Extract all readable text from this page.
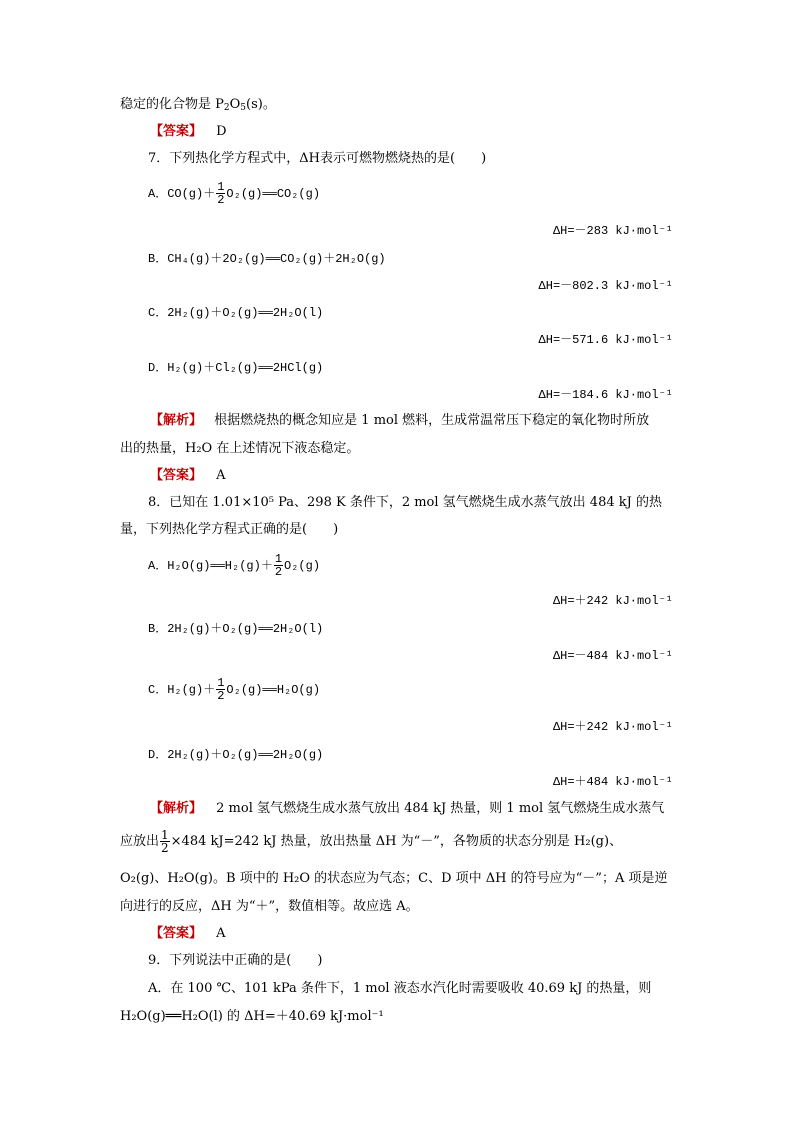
稳定的化合物是 $P_2O_5(s)$。
【答案】 D
7．下列热化学方程式中，ΔH表示可燃物燃烧热的是(　　)
A．$CO(g)+ \frac{1}{2}$ O₂(g)══CO₂(g)
ΔH=－283 kJ·mol⁻¹
B．CH₄(g)＋2O₂(g)══CO₂(g)＋2H₂O(g)
ΔH=－802.3 kJ·mol⁻¹
C．2H₂(g)＋O₂(g)══2H₂O(l)
ΔH=－571.6 kJ·mol⁻¹
D．H₂(g)＋Cl₂(g)══2HCl(g)
ΔH=－184.6 kJ·mol⁻¹
【解析】 根据燃烧热的概念知应是 1 mol 燃料，生成常温常压下稳定的氧化物时所放
出的热量，H₂O 在上述情况下液态稳定。
【答案】 A
8．已知在 1.01×10⁵ Pa、298 K 条件下，2 mol 氢气燃烧生成水蒸气放出 484 kJ 的热
量，下列热化学方程式正确的是(　　)
A．H₂O(g)══H₂(g)＋ $\frac{1}{2} O_2(g)$
ΔH=＋242 kJ·mol⁻¹
B．2H₂(g)＋O₂(g)══2H₂O(l)
ΔH=－484 kJ·mol⁻¹
C．$H_2(g)+ \frac{1}{2}$ O₂(g)══H₂O(g)
ΔH=＋242 kJ·mol⁻¹
D．2H₂(g)＋O₂(g)══2H₂O(g)
ΔH=＋484 kJ·mol⁻¹
【解析】 2 mol 氢气燃烧生成水蒸气放出 484 kJ 热量，则 1 mol 氢气燃烧生成水蒸气
应放出 $\frac{1}{2} \times 484$ kJ=242 kJ 热量，放出热量 ΔH 为“－”，各物质的状态分别是 H₂(g)、
O₂(g)、H₂O(g)。B 项中的 H₂O 的状态应为气态；C、D 项中 ΔH 的符号应为“－”；A 项是逆
向进行的反应，ΔH 为“＋”，数值相等。故应选 A。
【答案】 A
9．下列说法中正确的是(　　)
A．在 100 ℃、101 kPa 条件下，1 mol 液态水汽化时需要吸收 40.69 kJ 的热量，则
H₂O(g)══H₂O(l) 的 ΔH=＋40.69 kJ·mol⁻¹
